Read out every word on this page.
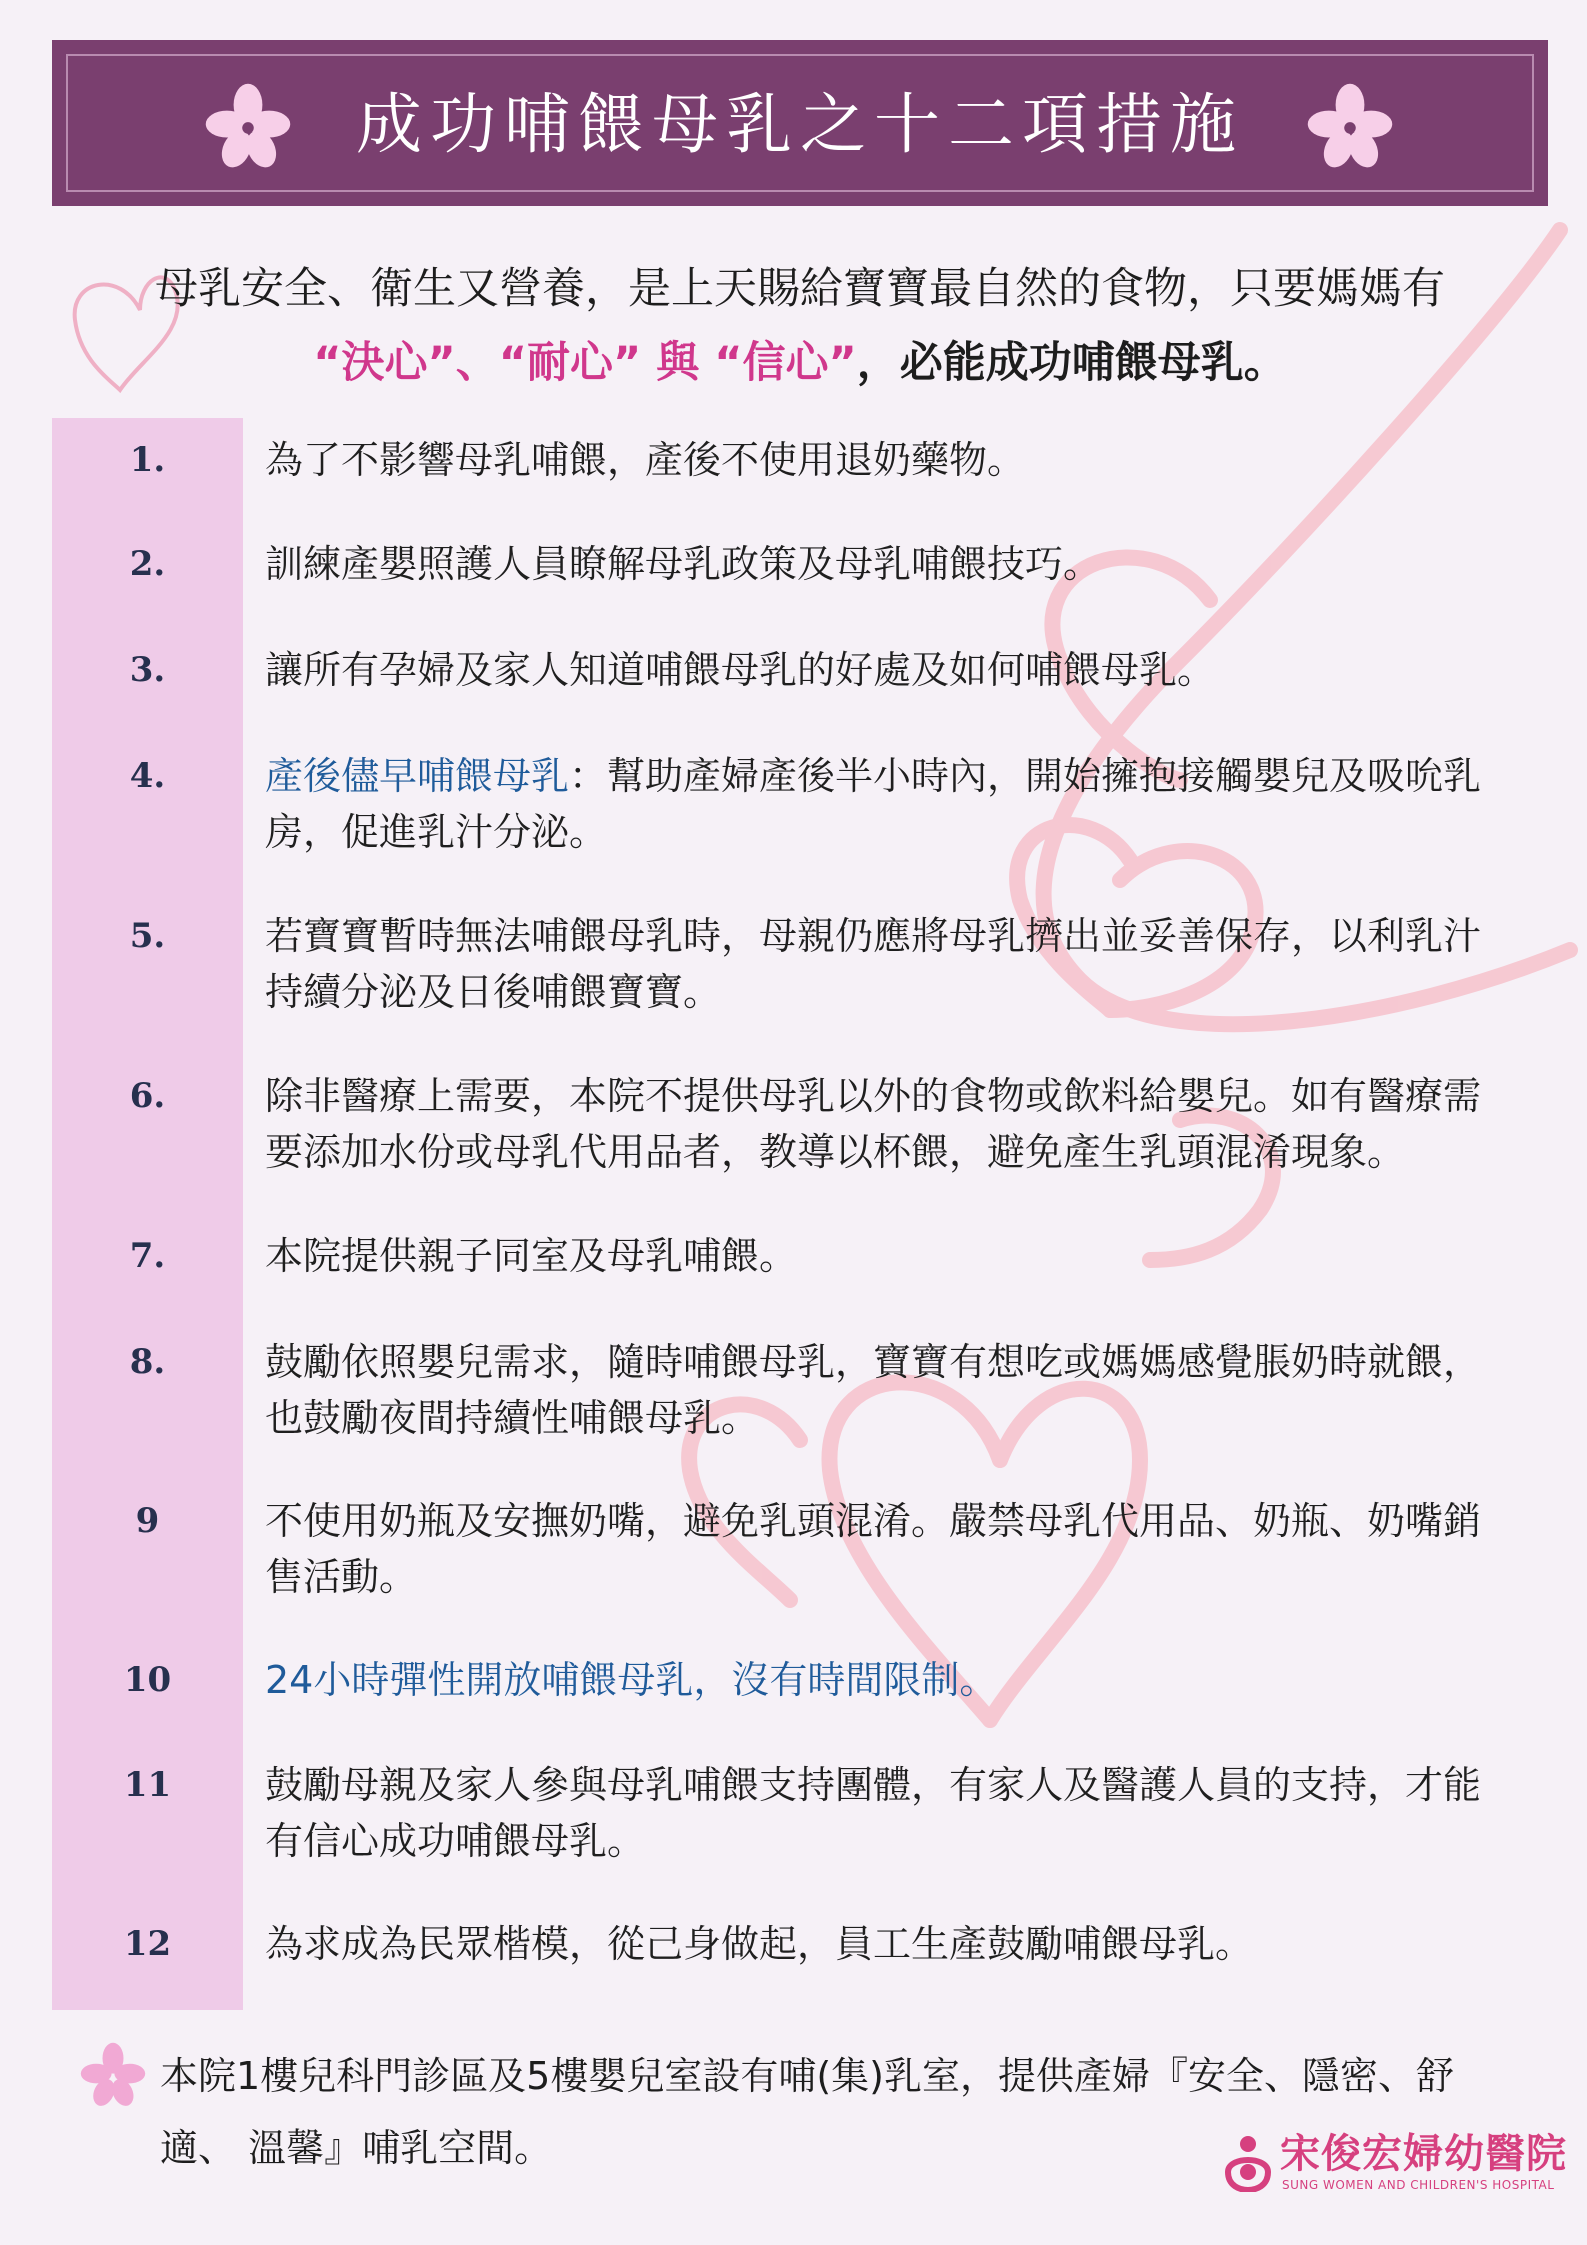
成功哺餵母乳之十二項措施
母乳安全、衛生又營養，是上天賜給寶寶最自然的食物，只要媽媽有
“決心”、“耐心” 與 “信心”，必能成功哺餵母乳。
1.	為了不影響母乳哺餵，產後不使用退奶藥物。
2.	訓練產嬰照護人員瞭解母乳政策及母乳哺餵技巧。
3.	讓所有孕婦及家人知道哺餵母乳的好處及如何哺餵母乳。
4.	產後儘早哺餵母乳：幫助產婦產後半小時內，開始擁抱接觸嬰兒及吸吮乳房，促進乳汁分泌。
5.	若寶寶暫時無法哺餵母乳時，母親仍應將母乳擠出並妥善保存，以利乳汁持續分泌及日後哺餵寶寶。
6.	除非醫療上需要，本院不提供母乳以外的食物或飲料給嬰兒。如有醫療需要添加水份或母乳代用品者，教導以杯餵，避免產生乳頭混淆現象。
7.	本院提供親子同室及母乳哺餵。
8.	鼓勵依照嬰兒需求，隨時哺餵母乳，寶寶有想吃或媽媽感覺脹奶時就餵，也鼓勵夜間持續性哺餵母乳。
9	不使用奶瓶及安撫奶嘴，避免乳頭混淆。嚴禁母乳代用品、奶瓶、奶嘴銷售活動。
10	24小時彈性開放哺餵母乳，沒有時間限制。
11	鼓勵母親及家人參與母乳哺餵支持團體，有家人及醫護人員的支持，才能有信心成功哺餵母乳。
12	為求成為民眾楷模，從己身做起，員工生產鼓勵哺餵母乳。
本院1樓兒科門診區及5樓嬰兒室設有哺(集)乳室，提供產婦『安全、隱密、舒適、 溫馨』哺乳空間。	宋俊宏婦幼醫院
SUNG WOMEN AND CHILDREN'S HOSPITAL
